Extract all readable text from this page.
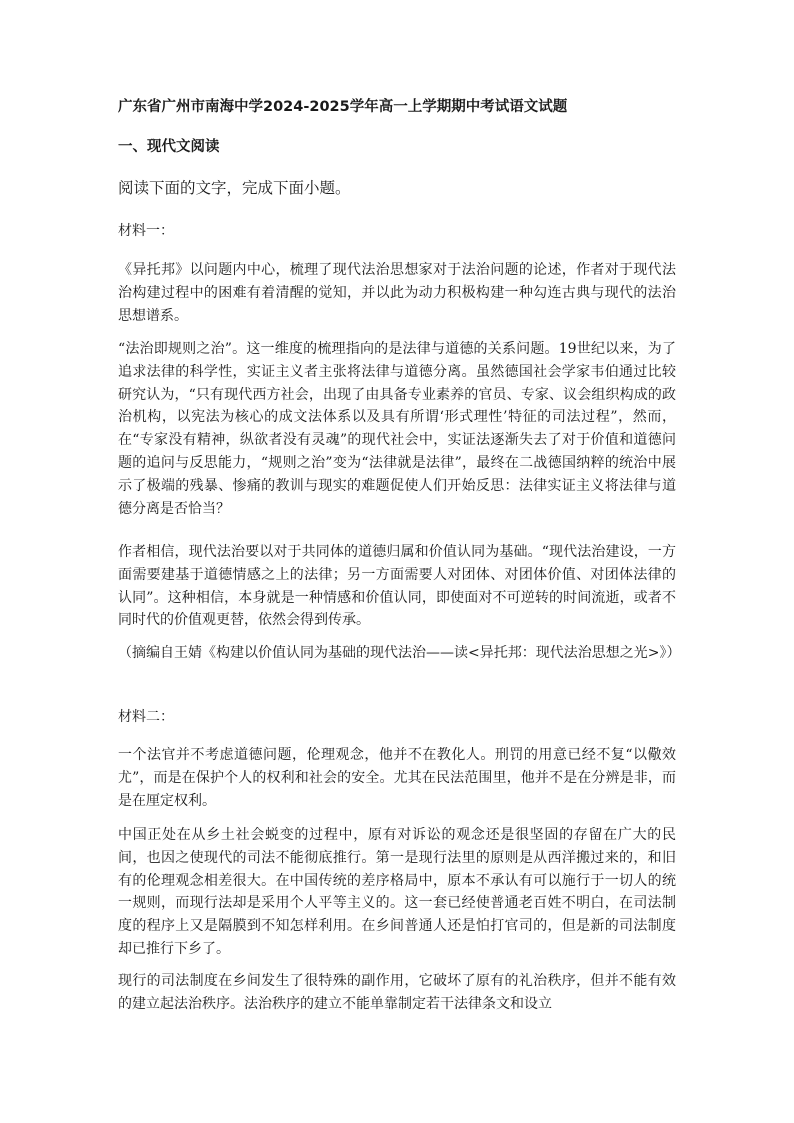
广东省广州市南海中学2024-2025学年高一上学期期中考试语文试题
一、现代文阅读
阅读下面的文字，完成下面小题。
材料一：

《异托邦》以问题内中心，梳理了现代法治思想家对于法治问题的论述，作者对于现代法治构建过程中的困难有着清醒的觉知，并以此为动力积极构建一种勾连古典与现代的法治思想谱系。

“法治即规则之治”。这一维度的梳理指向的是法律与道德的关系问题。19世纪以来，为了追求法律的科学性，实证主义者主张将法律与道德分离。虽然德国社会学家韦伯通过比较研究认为，“只有现代西方社会，出现了由具备专业素养的官员、专家、议会组织构成的政治机构，以宪法为核心的成文法体系以及具有所谓‘形式理性’特征的司法过程”，然而，在“专家没有精神，纵欲者没有灵魂”的现代社会中，实证法逐渐失去了对于价值和道德问题的追问与反思能力，“规则之治”变为“法律就是法律”，最终在二战德国纳粹的统治中展示了极端的残暴、惨痛的教训与现实的难题促使人们开始反思：法律实证主义将法律与道德分离是否恰当？

作者相信，现代法治要以对于共同体的道德归属和价值认同为基础。“现代法治建设，一方面需要建基于道德情感之上的法律；另一方面需要人对团体、对团体价值、对团体法律的认同”。这种相信，本身就是一种情感和价值认同，即使面对不可逆转的时间流逝，或者不同时代的价值观更替，依然会得到传承。

（摘编自王婧《构建以价值认同为基础的现代法治——读<异托邦：现代法治思想之光>》）

材料二：

一个法官并不考虑道德问题，伦理观念，他并不在教化人。刑罚的用意已经不复“以儆效尤”，而是在保护个人的权利和社会的安全。尤其在民法范围里，他并不是在分辨是非，而是在厘定权利。

中国正处在从乡土社会蜕变的过程中，原有对诉讼的观念还是很坚固的存留在广大的民间，也因之使现代的司法不能彻底推行。第一是现行法里的原则是从西洋搬过来的，和旧有的伦理观念相差很大。在中国传统的差序格局中，原本不承认有可以施行于一切人的统一规则，而现行法却是采用个人平等主义的。这一套已经使普通老百姓不明白，在司法制度的程序上又是隔膜到不知怎样利用。在乡间普通人还是怕打官司的，但是新的司法制度却已推行下乡了。

现行的司法制度在乡间发生了很特殊的副作用，它破坏了原有的礼治秩序，但并不能有效的建立起法治秩序。法治秩序的建立不能单靠制定若干法律条文和设立
